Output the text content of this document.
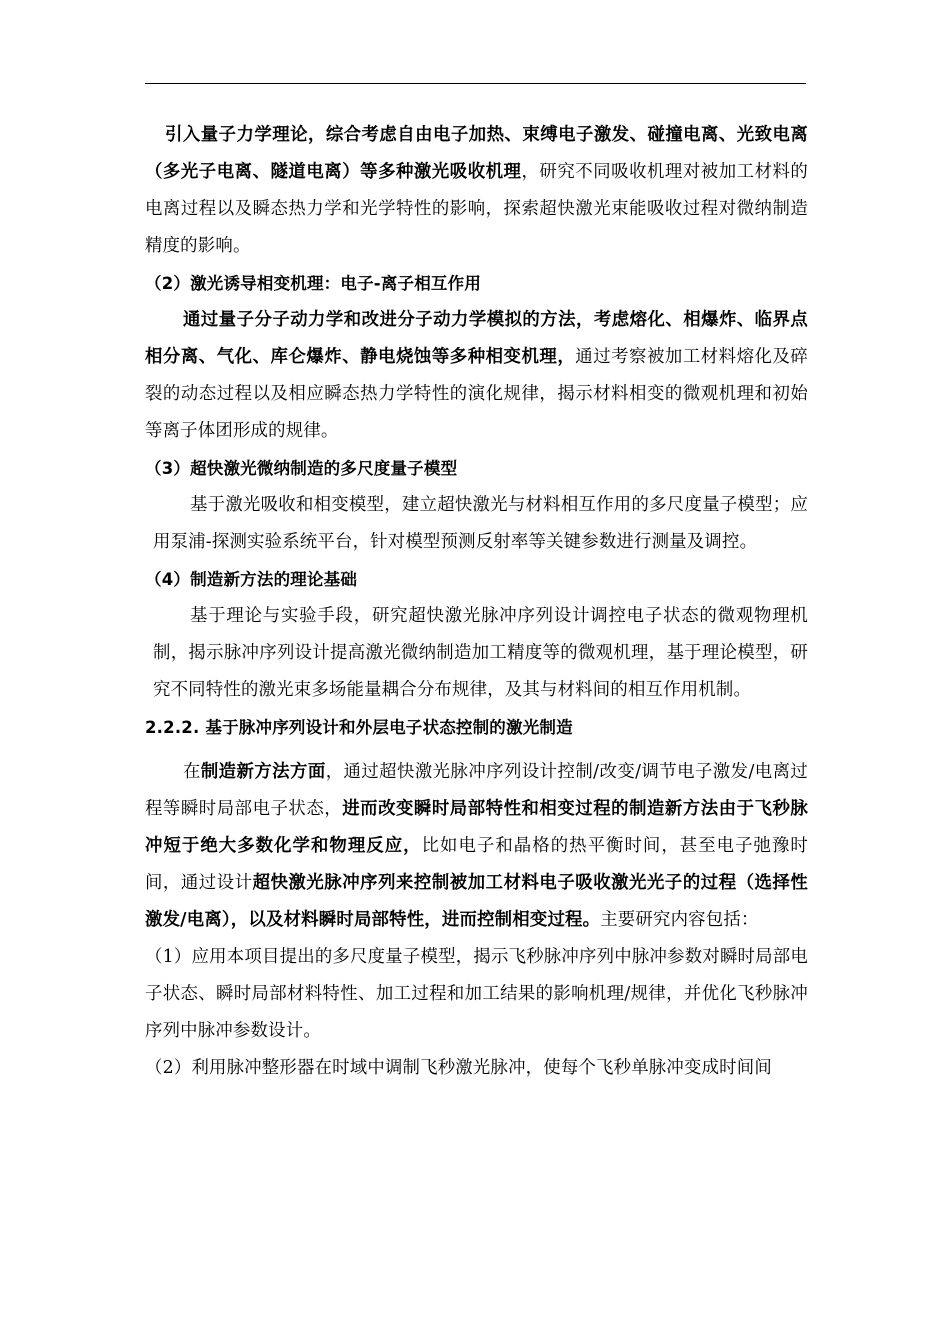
引入量子力学理论，综合考虑自由电子加热、束缚电子激发、碰撞电离、光致电离（多光子电离、隧道电离）等多种激光吸收机理，研究不同吸收机理对被加工材料的电离过程以及瞬态热力学和光学特性的影响，探索超快激光束能吸收过程对微纳制造精度的影响。

（2）激光诱导相变机理：电子-离子相互作用

通过量子分子动力学和改进分子动力学模拟的方法，考虑熔化、相爆炸、临界点相分离、气化、库仑爆炸、静电烧蚀等多种相变机理，通过考察被加工材料熔化及碎裂的动态过程以及相应瞬态热力学特性的演化规律，揭示材料相变的微观机理和初始等离子体团形成的规律。

（3）超快激光微纳制造的多尺度量子模型

基于激光吸收和相变模型，建立超快激光与材料相互作用的多尺度量子模型；应用泵浦-探测实验系统平台，针对模型预测反射率等关键参数进行测量及调控。

（4）制造新方法的理论基础

基于理论与实验手段，研究超快激光脉冲序列设计调控电子状态的微观物理机制，揭示脉冲序列设计提高激光微纳制造加工精度等的微观机理，基于理论模型，研究不同特性的激光束多场能量耦合分布规律，及其与材料间的相互作用机制。

2.2.2. 基于脉冲序列设计和外层电子状态控制的激光制造

在制造新方法方面，通过超快激光脉冲序列设计控制/改变/调节电子激发/电离过程等瞬时局部电子状态，进而改变瞬时局部特性和相变过程的制造新方法由于飞秒脉冲短于绝大多数化学和物理反应，比如电子和晶格的热平衡时间，甚至电子弛豫时间，通过设计超快激光脉冲序列来控制被加工材料电子吸收激光光子的过程（选择性激发/电离），以及材料瞬时局部特性，进而控制相变过程。主要研究内容包括：

（1）应用本项目提出的多尺度量子模型，揭示飞秒脉冲序列中脉冲参数对瞬时局部电子状态、瞬时局部材料特性、加工过程和加工结果的影响机理/规律，并优化飞秒脉冲序列中脉冲参数设计。

（2）利用脉冲整形器在时域中调制飞秒激光脉冲，使每个飞秒单脉冲变成时间间
